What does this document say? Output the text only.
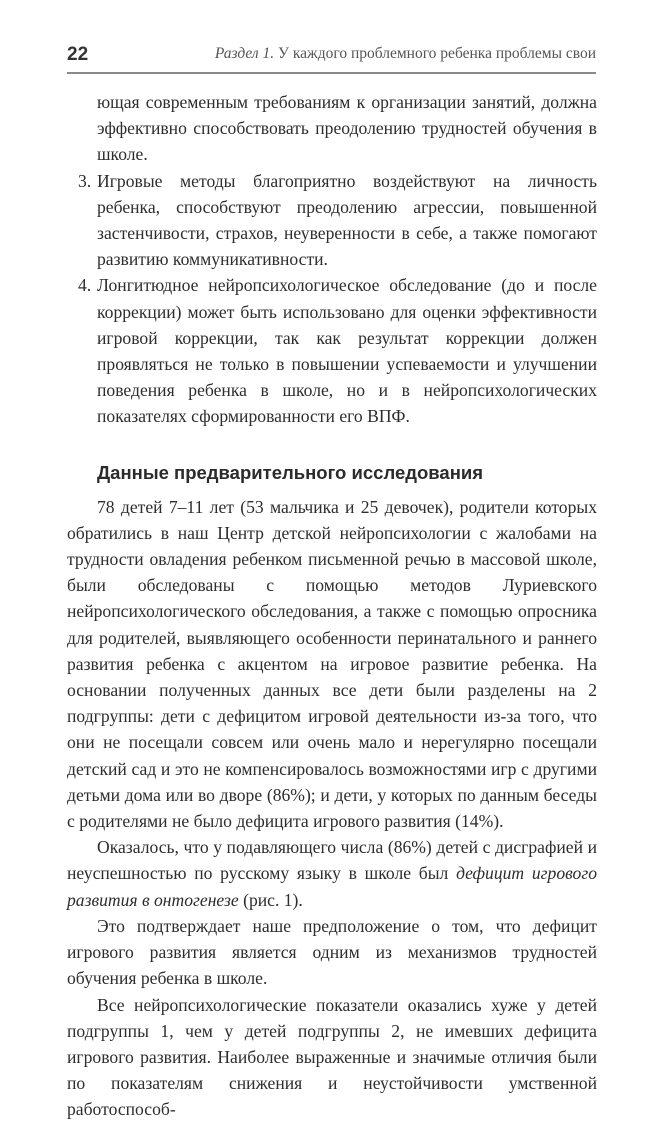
22	Раздел 1. У каждого проблемного ребенка проблемы свои

ющая современным требованиям к организации занятий, должна эффективно способствовать преодолению трудностей обучения в школе.

3. Игровые методы благоприятно воздействуют на личность ребенка, способствуют преодолению агрессии, повышенной застенчивости, страхов, неуверенности в себе, а также помогают развитию коммуникативности.
4. Лонгитюдное нейропсихологическое обследование (до и после коррекции) может быть использовано для оценки эффективности игровой коррекции, так как результат коррекции должен проявляться не только в повышении успеваемости и улучшении поведения ребенка в школе, но и в нейропсихологических показателях сформированности его ВПФ.
Данные предварительного исследования

78 детей 7–11 лет (53 мальчика и 25 девочек), родители которых обратились в наш Центр детской нейропсихологии с жалобами на трудности овладения ребенком письменной речью в массовой школе, были обследованы с помощью методов Луриевского нейропсихологического обследования, а также с помощью опросника для родителей, выявляющего особенности перинатального и раннего развития ребенка с акцентом на игровое развитие ребенка. На основании полученных данных все дети были разделены на 2 подгруппы: дети с дефицитом игровой деятельности из-за того, что они не посещали совсем или очень мало и нерегулярно посещали детский сад и это не компенсировалось возможностями игр с другими детьми дома или во дворе (86%); и дети, у которых по данным беседы с родителями не было дефицита игрового развития (14%).

Оказалось, что у подавляющего числа (86%) детей с дисграфией и неуспешностью по русскому языку в школе был дефицит игрового развития в онтогенезе (рис. 1).

Это подтверждает наше предположение о том, что дефицит игрового развития является одним из механизмов трудностей обучения ребенка в школе.

Все нейропсихологические показатели оказались хуже у детей подгруппы 1, чем у детей подгруппы 2, не имевших дефицита игрового развития. Наиболее выраженные и значимые отличия были по показателям снижения и неустойчивости умственной работоспособ-
